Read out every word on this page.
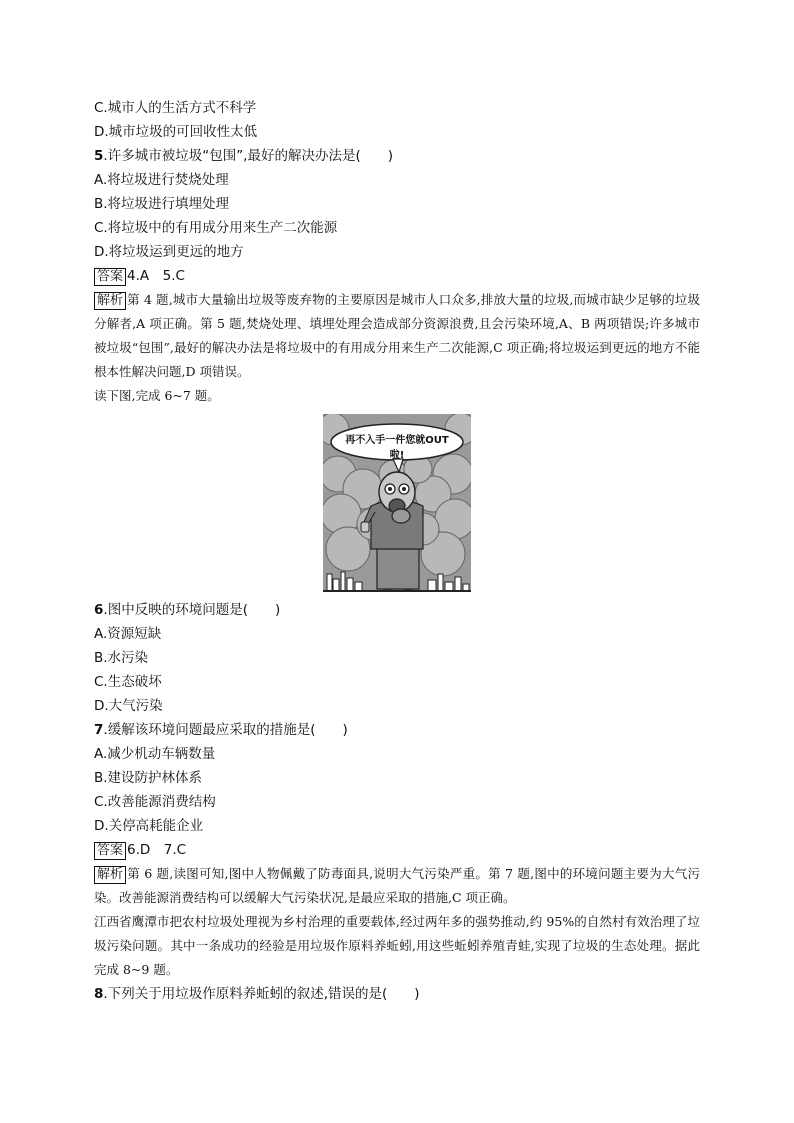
C.城市人的生活方式不科学
D.城市垃圾的可回收性太低
5.许多城市被垃圾“包围”,最好的解决办法是(　　)
A.将垃圾进行焚烧处理
B.将垃圾进行填埋处理
C.将垃圾中的有用成分用来生产二次能源
D.将垃圾运到更远的地方
答案 4.A　5.C
解析 第 4 题,城市大量输出垃圾等废弃物的主要原因是城市人口众多,排放大量的垃圾,而城市缺少足够的垃圾分解者,A 项正确。第 5 题,焚烧处理、填埋处理会造成部分资源浪费,且会污染环境,A、B 两项错误;许多城市被垃圾“包围”,最好的解决办法是将垃圾中的有用成分用来生产二次能源,C 项正确;将垃圾运到更远的地方不能根本性解决问题,D 项错误。
读下图,完成 6~7 题。
再不入手一件您就OUT啦!
6.图中反映的环境问题是(　　)
A.资源短缺
B.水污染
C.生态破坏
D.大气污染
7.缓解该环境问题最应采取的措施是(　　)
A.减少机动车辆数量
B.建设防护林体系
C.改善能源消费结构
D.关停高耗能企业
答案 6.D　7.C
解析 第 6 题,读图可知,图中人物佩戴了防毒面具,说明大气污染严重。第 7 题,图中的环境问题主要为大气污染。改善能源消费结构可以缓解大气污染状况,是最应采取的措施,C 项正确。
江西省鹰潭市把农村垃圾处理视为乡村治理的重要载体,经过两年多的强势推动,约 95%的自然村有效治理了垃圾污染问题。其中一条成功的经验是用垃圾作原料养蚯蚓,用这些蚯蚓养殖青蛙,实现了垃圾的生态处理。据此完成 8~9 题。
8.下列关于用垃圾作原料养蚯蚓的叙述,错误的是(　　)
